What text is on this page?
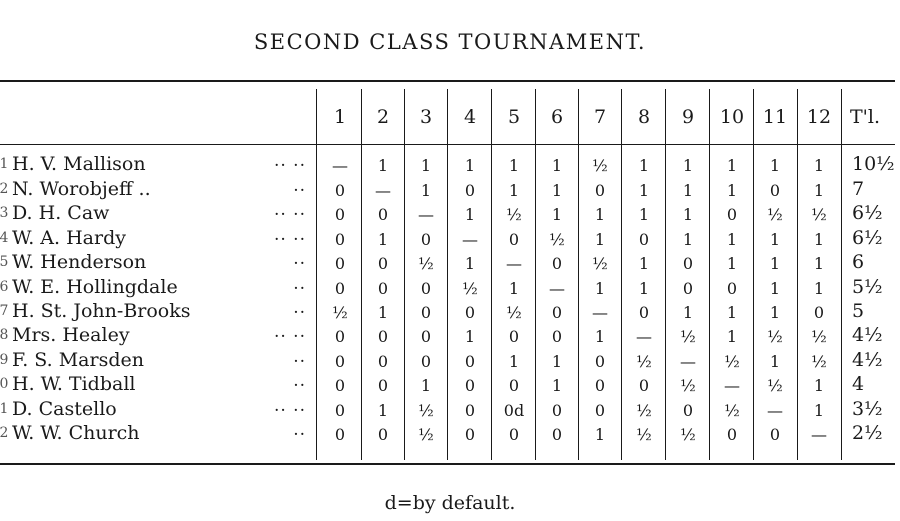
SECOND CLASS TOURNAMENT.
1	2	3	4	5	6	7	8	9	10 11	12 T'l.
1 H. V. Mallison	.. ..	—	1	1	1	1	1	½	1	1	1	1	1	10½
2 N. Worobjeff ..	..	0	—	1	0	1	1	0	1	1	1	0	1	7
3 D. H. Caw	.. ..	0	0	—	1	½	1	1	1	1	0	½	½	6½
4 W. A. Hardy	.. ..	0	1	0	—	0	½	1	0	1	1	1	1	6½
5 W. Henderson	..	0	0	½	1	—	0	½	1	0	1	1	1	6
6 W. E. Hollingdale	..	0	0	0	½	1	—	1	1	0	0	1	1	5½
7 H. St. John-Brooks	..	½	1	0	0	½	0	—	0	1	1	1	0	5
8 Mrs. Healey	.. ..	0	0	0	1	0	0	1	—	½	1	½	½	4½
9 F. S. Marsden	..	0	0	0	0	1	1	0	½	—	½	1	½	4½
0 H. W. Tidball	..	0	0	1	0	0	1	0	0	½	—	½	1	4
1 D. Castello	.. ..	0	1	½	0	0d	0	0	½	0	½	—	1	3½
2 W. W. Church	..	0	0	½	0	0	0	1	½	½	0	0	—	2½
d=by default.
